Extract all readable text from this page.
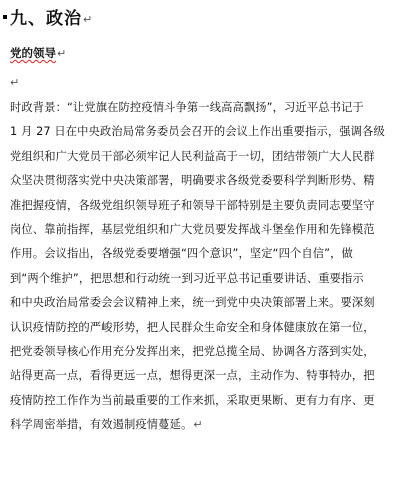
九、政治↵
党的领导↵
↵
时政背景：“让党旗在防控疫情斗争第一线高高飘扬”，习近平总书记于
1 月 27 日在中央政治局常务委员会召开的会议上作出重要指示，强调各级
党组织和广大党员干部必须牢记人民利益高于一切，团结带领广大人民群
众坚决贯彻落实党中央决策部署，明确要求各级党委要科学判断形势、精
准把握疫情，各级党组织领导班子和领导干部特别是主要负责同志要坚守
岗位、靠前指挥，基层党组织和广大党员要发挥战斗堡垒作用和先锋模范
作用。会议指出，各级党委要增强“四个意识”，坚定“四个自信”，做
到“两个维护”，把思想和行动统一到习近平总书记重要讲话、重要指示
和中央政治局常委会会议精神上来，统一到党中央决策部署上来。要深刻
认识疫情防控的严峻形势，把人民群众生命安全和身体健康放在第一位，
把党委领导核心作用充分发挥出来，把党总揽全局、协调各方落到实处，
站得更高一点，看得更远一点，想得更深一点，主动作为、特事特办，把
疫情防控工作作为当前最重要的工作来抓，采取更果断、更有力有序、更
科学周密举措，有效遏制疫情蔓延。↵
